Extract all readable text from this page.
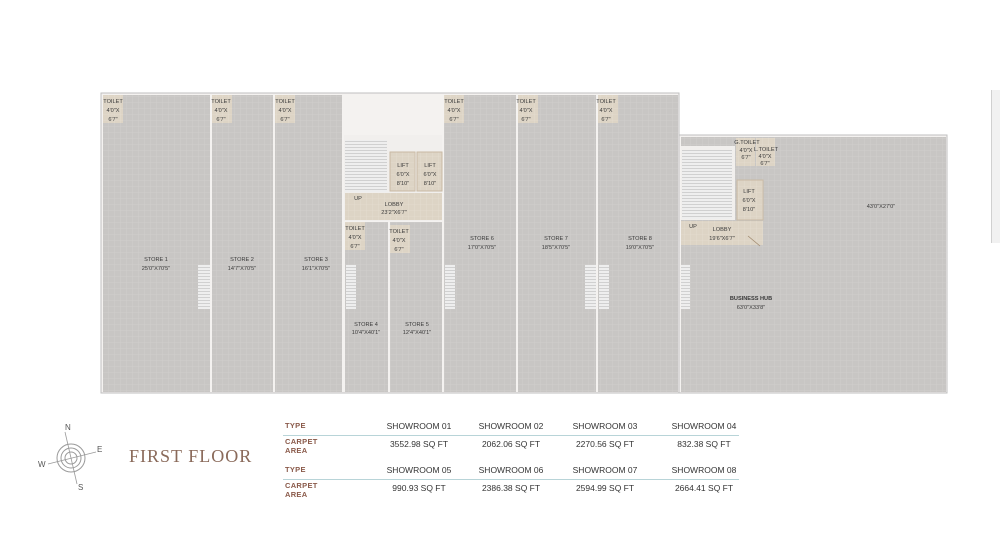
STORE 1
25'0"X70'5"
STORE 2
14'7"X70'5"
STORE 3
16'1"X70'5"
LIFT
6'0"X
8'10"
LIFT
6'0"X
8'10"
UP
LOBBY
23'2"X6'7"
STORE 4
10'4"X40'1"
STORE 5
12'4"X40'1"
STORE 6
17'0"X70'5"
STORE 7
18'5"X70'5"
STORE 8
19'0"X70'5"
LIFT
6'0"X
8'10"
UP	LOBBY
19'6"X6'7"
G.TOILET
4'0"X
6'7"
L.TOILET
4'0"X
6'7"
43'0"X27'0"
BUSINESS HUB
63'0"X33'8"
TOILET
4'0"X
6'7"
TOILET
4'0"X
6'7"
TOILET
4'0"X
6'7"
TOILET
4'0"X
6'7"
TOILET
4'0"X
6'7"
TOILET
4'0"X
6'7"
TOILET
4'0"X
6'7"
TOILET
4'0"X
6'7"
N
E
S
W	FIRST FLOOR
TYPE	SHOWROOM 01	SHOWROOM 02	SHOWROOM 03	SHOWROOM 04
CARPET AREA
3552.98 SQ FT	2062.06 SQ FT	2270.56 SQ FT	832.38 SQ FT
TYPE	SHOWROOM 05	SHOWROOM 06	SHOWROOM 07	SHOWROOM 08
CARPET AREA
990.93 SQ FT	2386.38 SQ FT	2594.99 SQ FT	2664.41 SQ FT
